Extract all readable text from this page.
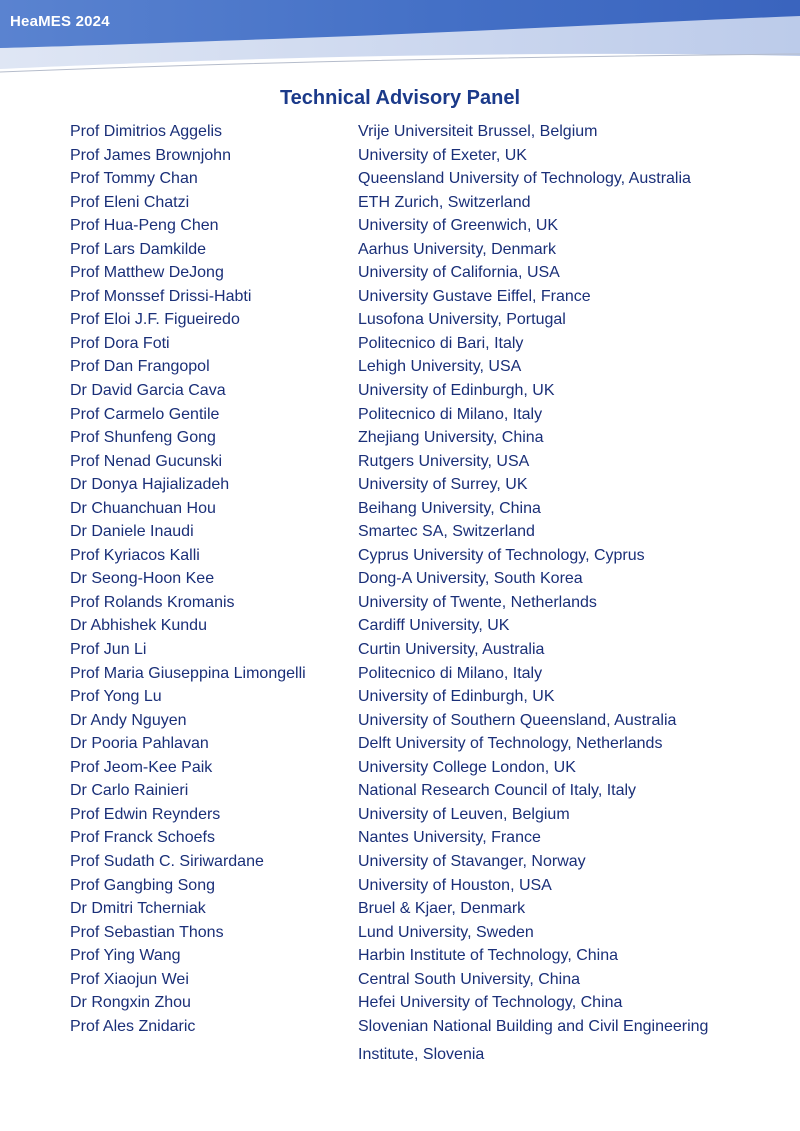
HeaMES 2024
Technical Advisory Panel
Prof Dimitrios Aggelis	Vrije Universiteit Brussel, Belgium
Prof James Brownjohn	University of Exeter, UK
Prof Tommy Chan	Queensland University of Technology, Australia
Prof Eleni Chatzi	ETH Zurich, Switzerland
Prof Hua-Peng Chen	University of Greenwich, UK
Prof Lars Damkilde	Aarhus University, Denmark
Prof Matthew DeJong	University of California, USA
Prof Monssef Drissi-Habti	University Gustave Eiffel, France
Prof Eloi J.F. Figueiredo	Lusofona University, Portugal
Prof Dora Foti	Politecnico di Bari, Italy
Prof Dan Frangopol	Lehigh University, USA
Dr David Garcia Cava	University of Edinburgh, UK
Prof Carmelo Gentile	Politecnico di Milano, Italy
Prof Shunfeng Gong	Zhejiang University, China
Prof Nenad Gucunski	Rutgers University, USA
Dr Donya Hajializadeh	University of Surrey, UK
Dr Chuanchuan Hou	Beihang University, China
Dr Daniele Inaudi	Smartec SA, Switzerland
Prof Kyriacos Kalli	Cyprus University of Technology, Cyprus
Dr Seong-Hoon Kee	Dong-A University, South Korea
Prof Rolands Kromanis	University of Twente, Netherlands
Dr Abhishek Kundu	Cardiff University, UK
Prof Jun Li	Curtin University, Australia
Prof Maria Giuseppina Limongelli	Politecnico di Milano, Italy
Prof Yong Lu	University of Edinburgh, UK
Dr Andy Nguyen	University of Southern Queensland, Australia
Dr Pooria Pahlavan	Delft University of Technology, Netherlands
Prof Jeom-Kee Paik	University College London, UK
Dr Carlo Rainieri	National Research Council of Italy, Italy
Prof Edwin Reynders	University of Leuven, Belgium
Prof Franck Schoefs	Nantes University, France
Prof Sudath C. Siriwardane	University of Stavanger, Norway
Prof Gangbing Song	University of Houston, USA
Dr Dmitri Tcherniak	Bruel & Kjaer, Denmark
Prof Sebastian Thons	Lund University, Sweden
Prof Ying Wang	Harbin Institute of Technology, China
Prof Xiaojun Wei	Central South University, China
Dr Rongxin Zhou	Hefei University of Technology, China
Prof Ales Znidaric	Slovenian National Building and Civil Engineering Institute, Slovenia
